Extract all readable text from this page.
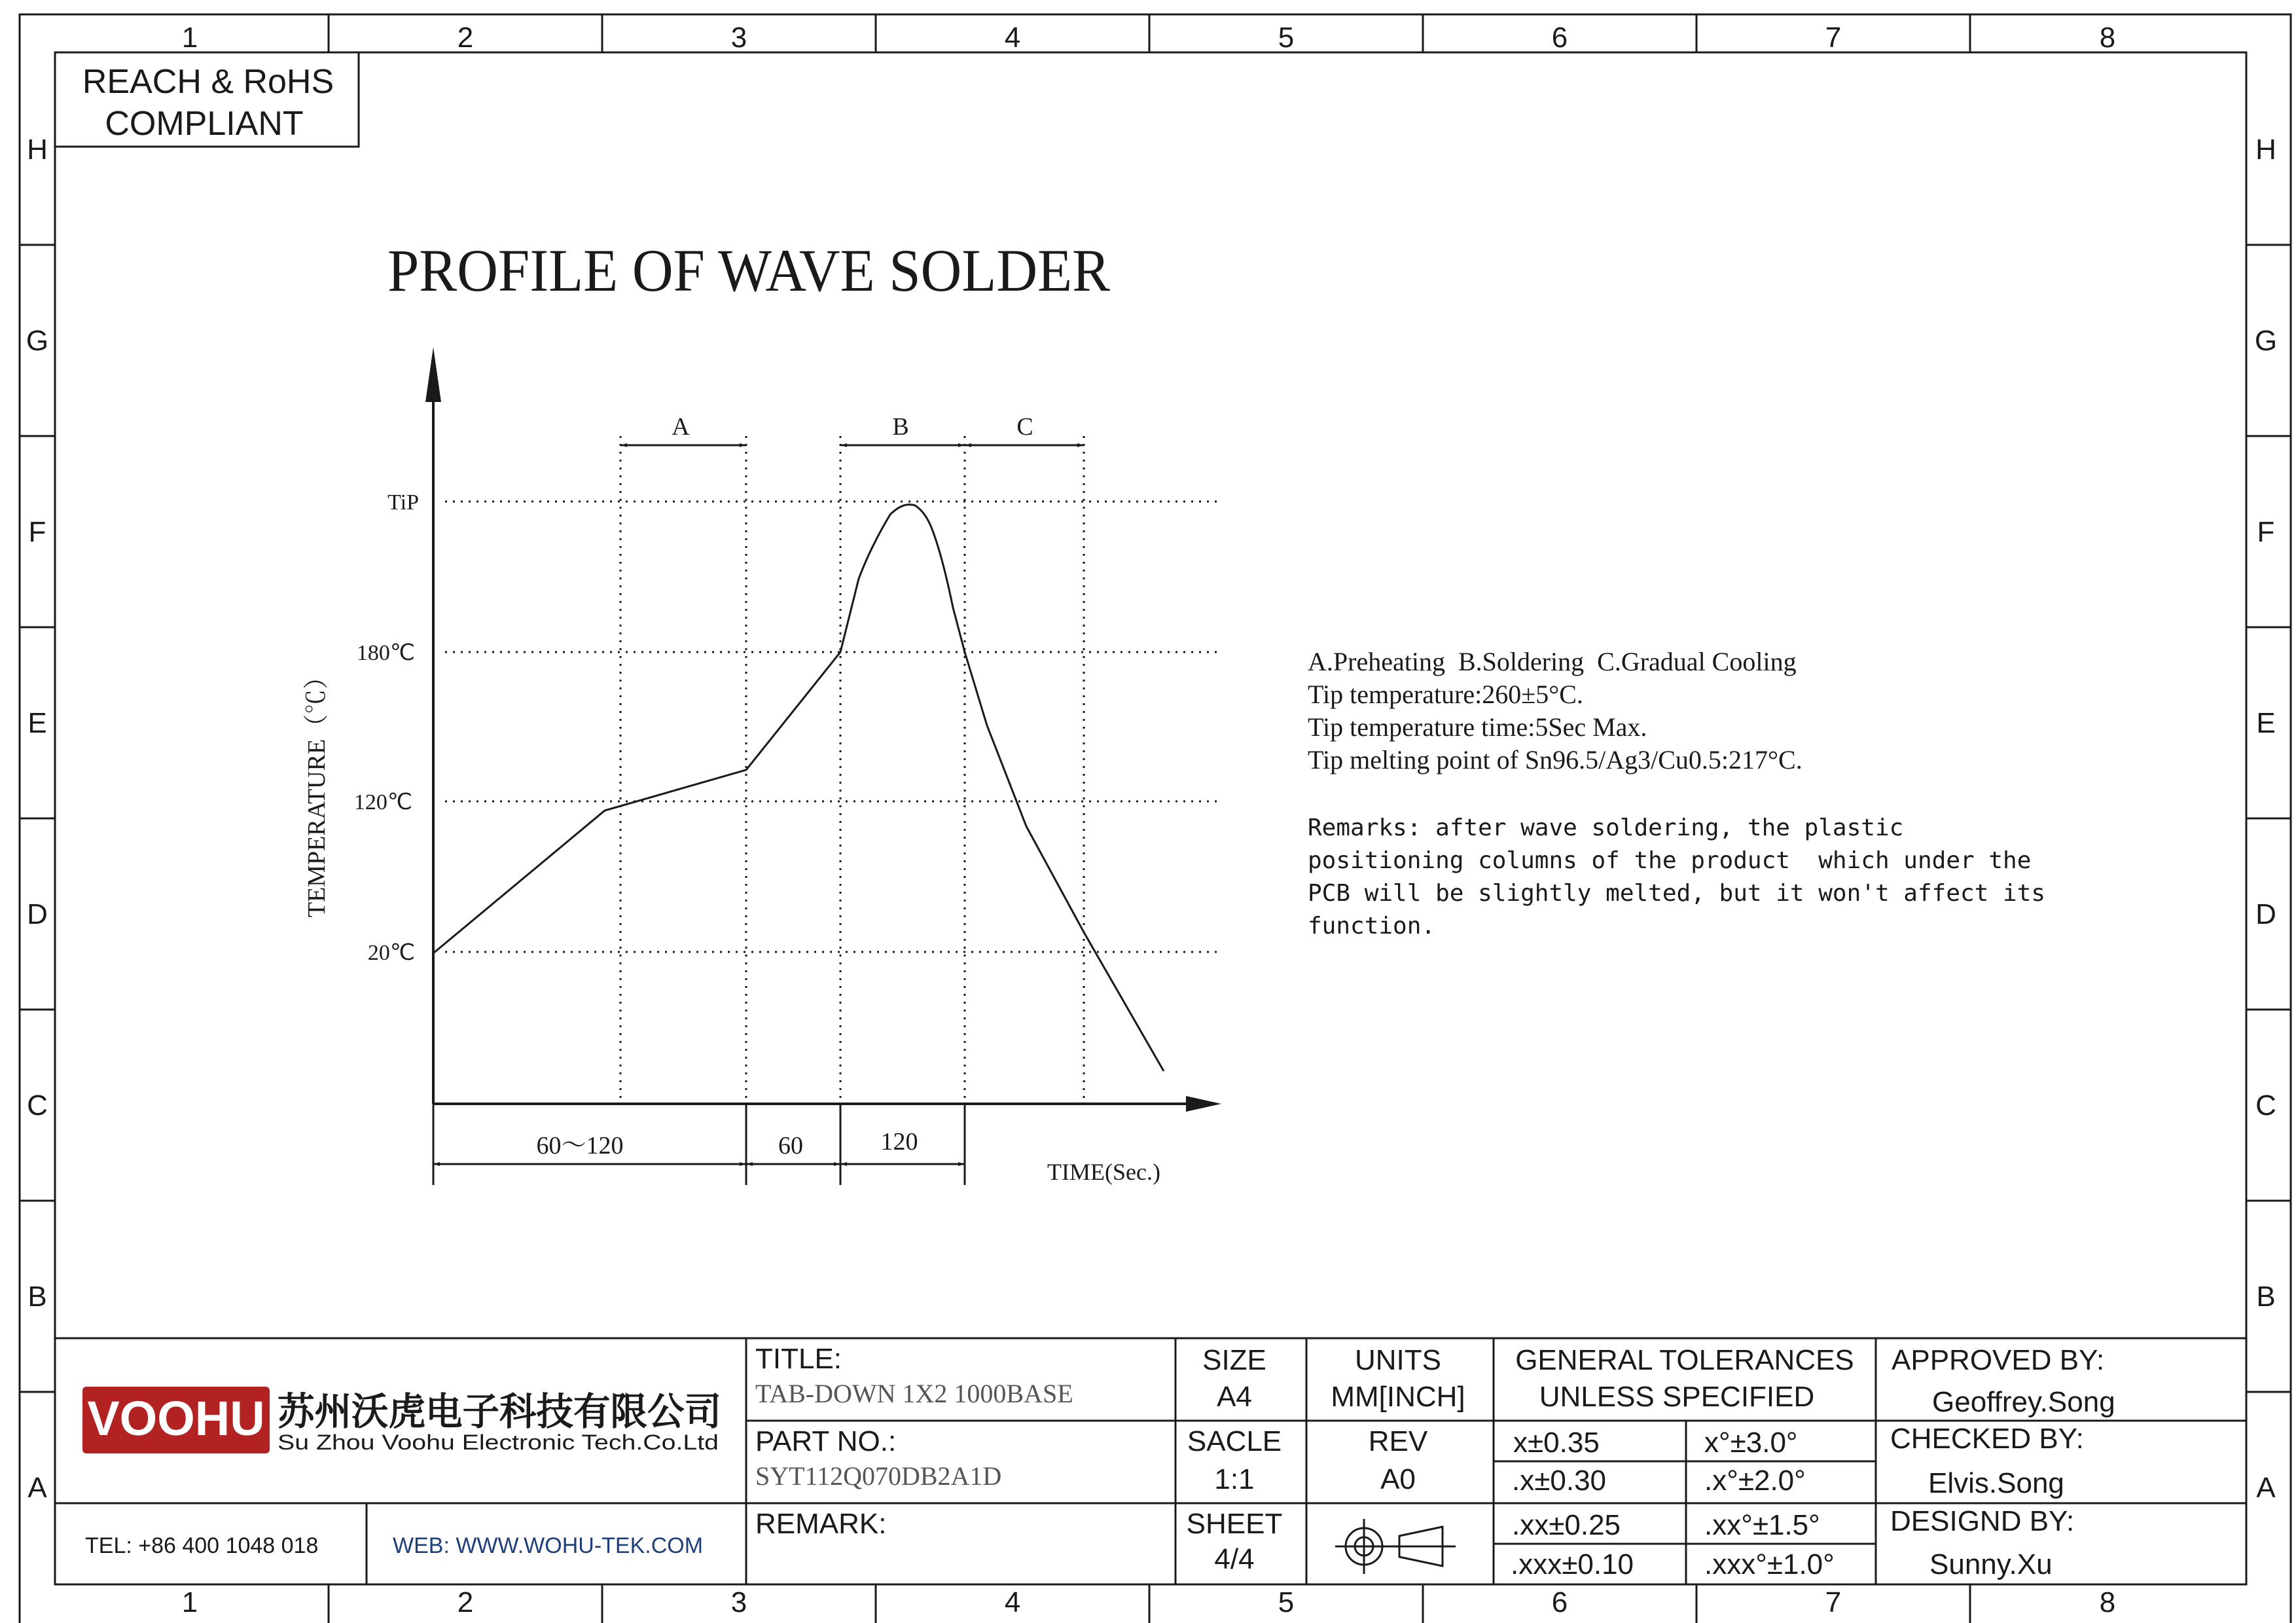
1	2	3	4	5	6	7	8
1	2	3	4	5	6	7	8
H
G
F
E
D
C
B
A
H
G
F
E
D
C
B
A
REACH & RoHS
COMPLIANT
PROFILE OF WAVE SOLDER
TiP
180℃
120℃
20℃
TEMPERATURE（℃）
A	B	C
60～120	60	120
TIME(Sec.)
A.Preheating  B.Soldering  C.Gradual Cooling
Tip temperature:260±5°C.
Tip temperature time:5Sec Max.
Tip melting point of Sn96.5/Ag3/Cu0.5:217°C.
Remarks: after wave soldering, the plastic
positioning columns of the product  which under the
PCB will be slightly melted, but it won't affect its
function.
VOOHU 苏州沃虎电子科技有限公司
Su Zhou Voohu Electronic Tech.Co.Ltd
TEL: +86 400 1048 018	WEB: WWW.WOHU-TEK.COM
TITLE:
TAB-DOWN 1X2 1000BASE
PART NO.:
SYT112Q070DB2A1D
REMARK:
SIZE
A4
SACLE
1:1
SHEET
4/4
UNITS
MM[INCH]
REV
A0
GENERAL TOLERANCES
UNLESS SPECIFIED
x±0.35	x°±3.0°
.x±0.30	.x°±2.0°
.xx±0.25	.xx°±1.5°
.xxx±0.10 .xxx°±1.0°
APPROVED BY:
Geoffrey.Song
CHECKED BY:
Elvis.Song
DESIGND BY:
Sunny.Xu
